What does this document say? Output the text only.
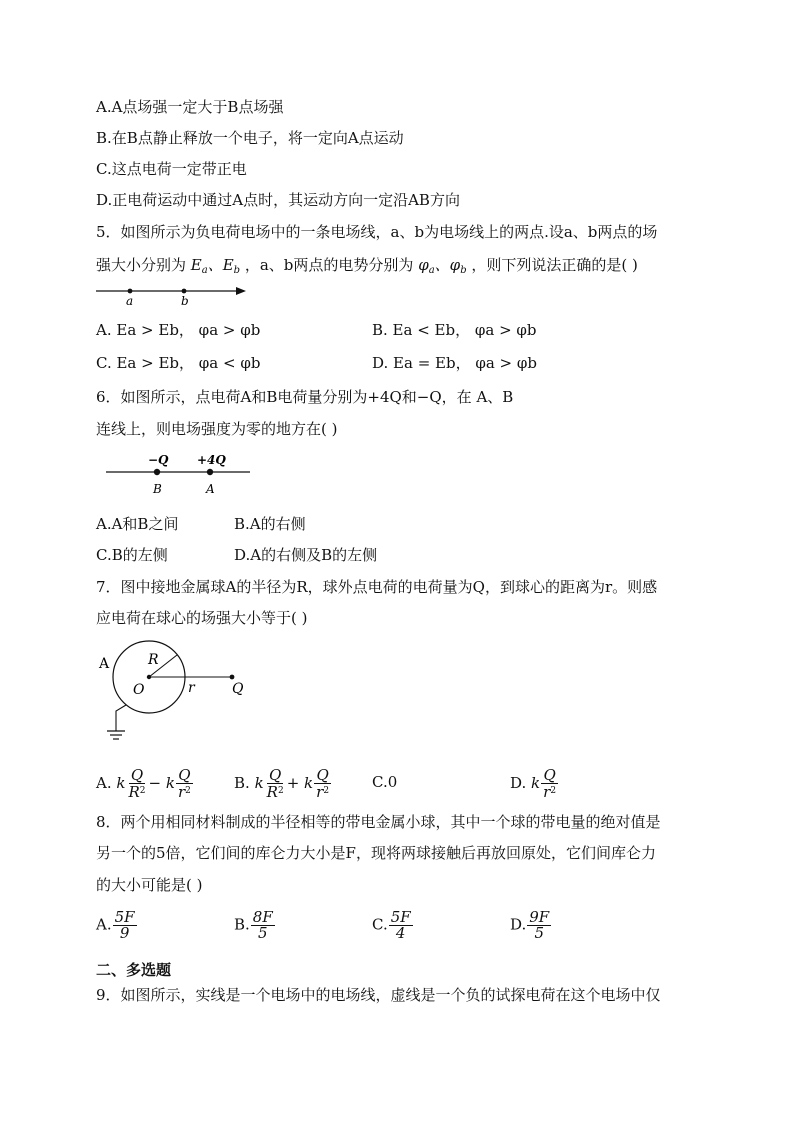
A.A点场强一定大于B点场强
B.在B点静止释放一个电子，将一定向A点运动
C.这点电荷一定带正电
D.正电荷运动中通过A点时，其运动方向一定沿AB方向
5．如图所示为负电荷电场中的一条电场线，a、b为电场线上的两点.设a、b两点的场
强大小分别为 $E_a$、$E_b$ ，a、b两点的电势分别为 $\varphi_a$、$\varphi_b$ ，则下列说法正确的是( )
a	b
A. Ea > Eb， φa > φb	B. Ea < Eb， φa > φb
C. Ea > Eb， φa < φb	D. Ea = Eb， φa > φb
6．如图所示，点电荷A和B电荷量分别为+4Q和−Q，在 A、B
连线上，则电场强度为零的地方在( )
−Q +4Q
B	A
A.A和B之间	B.A的右侧
C.B的左侧	D.A的右侧及B的左侧
7．图中接地金属球A的半径为R，球外点电荷的电荷量为Q，到球心的距离为r。则感
应电荷在球心的场强大小等于( )
A	R
O	r	Q
A. k $\frac{Q}{R^2} - k \frac{Q}{r^2}$	B. k $\frac{Q}{R^2} + k \frac{Q}{r^2}$	C.0	D. k $\frac{Q}{r^2}$
8．两个用相同材料制成的半径相等的带电金属小球，其中一个球的带电量的绝对值是
另一个的5倍，它们间的库仑力大小是F，现将两球接触后再放回原处，它们间库仑力
的大小可能是( )
A. $\frac{5F}{9}$	B. $\frac{8F}{5}$	C. $\frac{5F}{4}$	D. $\frac{9F}{5}$
二、多选题
9．如图所示，实线是一个电场中的电场线，虚线是一个负的试探电荷在这个电场中仅
